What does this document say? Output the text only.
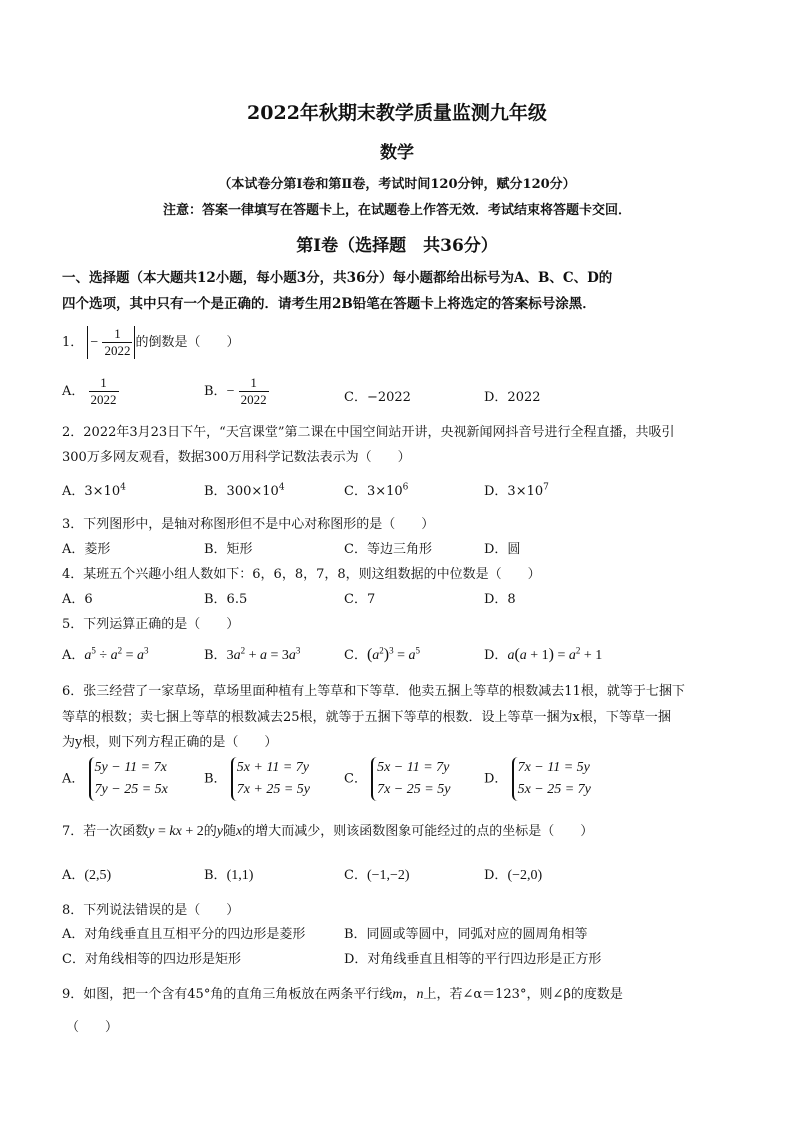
2022年秋期末教学质量监测九年级
数学
（本试卷分第Ⅰ卷和第Ⅱ卷，考试时间120分钟，赋分120分）
注意：答案一律填写在答题卡上，在试题卷上作答无效．考试结束将答题卡交回．
第Ⅰ卷（选择题　共36分）
一、选择题（本大题共12小题，每小题3分，共36分）每小题都给出标号为A、B、C、D的
四个选项，其中只有一个是正确的．请考生用2B铅笔在答题卡上将选定的答案标号涂黑．
1． − $\frac{1}{2022}$ 的倒数是（　　）
A． $\frac{1}{2022}$	B．− $\frac{1}{2022}$	C．−2022	D．2022
2．2022年3月23日下午，“天宫课堂”第二课在中国空间站开讲，央视新闻网抖音号进行全程直播，共吸引
300万多网友观看，数据300万用科学记数法表示为（　　）
A．$3\times 10^4$	B．$300\times 10^4$	C．$3\times 10^6$	D．$3\times 10^7$
3．下列图形中，是轴对称图形但不是中心对称图形的是（　　）
A．菱形	B．矩形	C．等边三角形	D．圆
4．某班五个兴趣小组人数如下：6，6，8，7，8，则这组数据的中位数是（　　）
A．6	B．6.5	C．7	D．8
5．下列运算正确的是（　　）
A．$a^5 \div a^2 = a^3$	B．$3a^2 + a = 3a^3$	C．$(a^2)^3 = a^5$	D．$a(a + 1) = a^2 + 1$
6．张三经营了一家草场，草场里面种植有上等草和下等草．他卖五捆上等草的根数减去11根，就等于七捆下
等草的根数；卖七捆上等草的根数减去25根，就等于五捆下等草的根数．设上等草一捆为x根，下等草一捆
为y根，则下列方程正确的是（　　）
A．
5y − 11 = 7x
7y − 25 = 5x
B．
5x + 11 = 7y
7x + 25 = 5y
C．
5x − 11 = 7y
7x − 25 = 5y
D．
7x − 11 = 5y
5x − 25 = 7y
7．若一次函数y = kx + 2的y随x的增大而减少，则该函数图象可能经过的点的坐标是（　　）
A．(2,5)	B．(1,1)	C．(−1,−2)	D．(−2,0)
8．下列说法错误的是（　　）
A．对角线垂直且互相平分的四边形是菱形	B．同圆或等圆中，同弧对应的圆周角相等
C．对角线相等的四边形是矩形	D．对角线垂直且相等的平行四边形是正方形
9．如图，把一个含有45°角的直角三角板放在两条平行线m，n上，若∠α＝123°，则∠β的度数是
（　　）
